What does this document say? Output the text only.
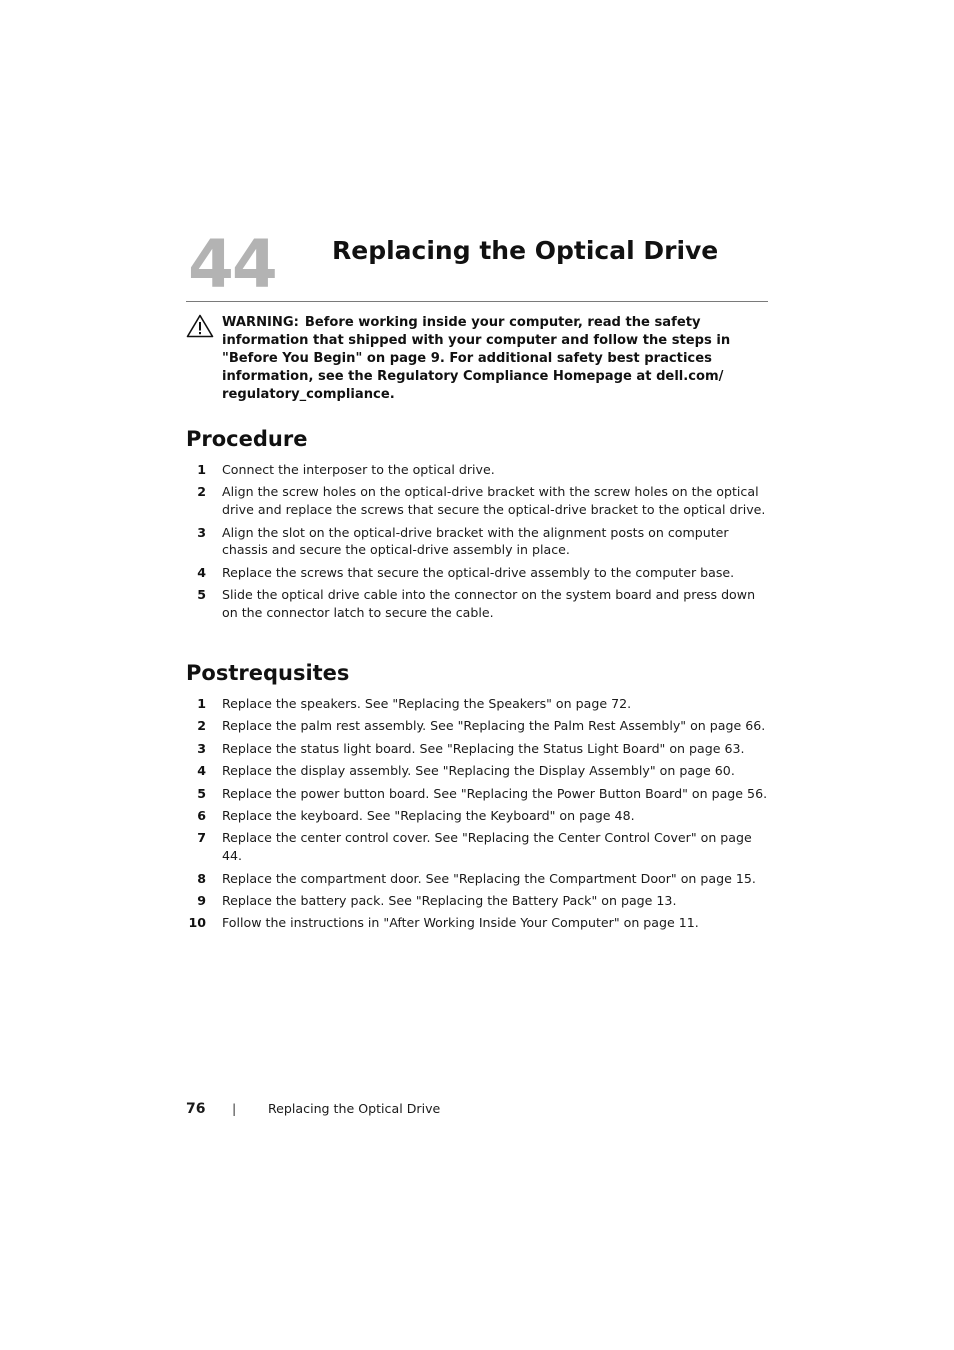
44 Replacing the Optical Drive
WARNING: Before working inside your computer, read the safety information that shipped with your computer and follow the steps in "Before You Begin" on page 9. For additional safety best practices information, see the Regulatory Compliance Homepage at dell.com/ regulatory_compliance.
Procedure
1 Connect the interposer to the optical drive.
2 Align the screw holes on the optical-drive bracket with the screw holes on the optical drive and replace the screws that secure the optical-drive bracket to the optical drive.
3 Align the slot on the optical-drive bracket with the alignment posts on computer chassis and secure the optical-drive assembly in place.
4 Replace the screws that secure the optical-drive assembly to the computer base.
5 Slide the optical drive cable into the connector on the system board and press down on the connector latch to secure the cable.
Postrequsites
1 Replace the speakers. See "Replacing the Speakers" on page 72.
2 Replace the palm rest assembly. See "Replacing the Palm Rest Assembly" on page 66.
3 Replace the status light board. See "Replacing the Status Light Board" on page 63.
4 Replace the display assembly. See "Replacing the Display Assembly" on page 60.
5 Replace the power button board. See "Replacing the Power Button Board" on page 56.
6 Replace the keyboard. See "Replacing the Keyboard" on page 48.
7 Replace the center control cover. See "Replacing the Center Control Cover" on page 44.
8 Replace the compartment door. See "Replacing the Compartment Door" on page 15.
9 Replace the battery pack. See "Replacing the Battery Pack" on page 13.
10 Follow the instructions in "After Working Inside Your Computer" on page 11.
76 |	Replacing the Optical Drive
